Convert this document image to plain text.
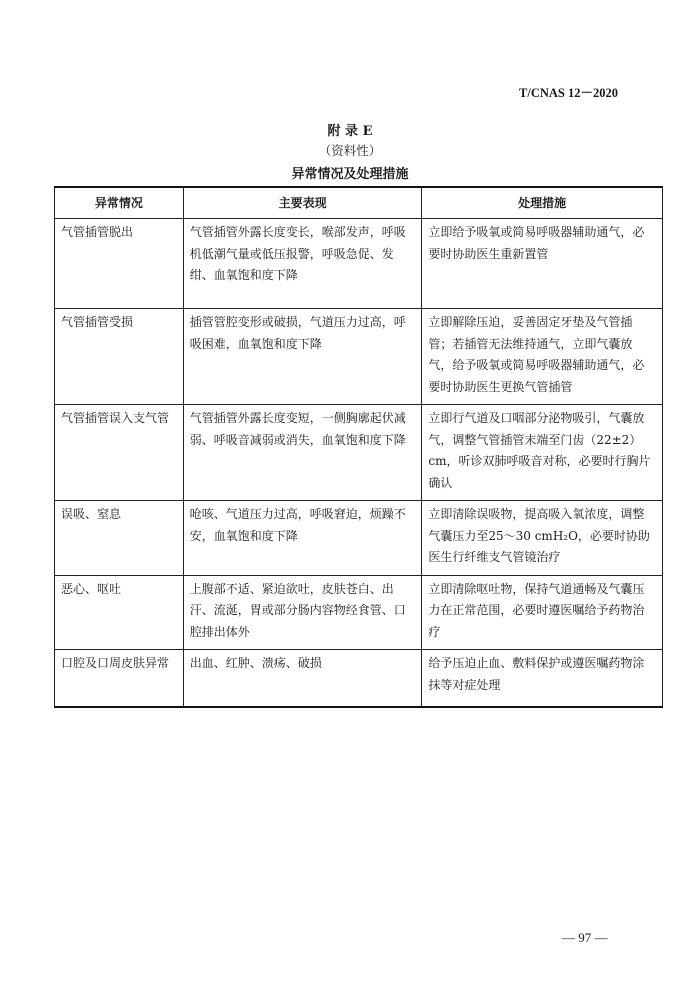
T/CNAS 12－2020
附 录 E
（资料性）
异常情况及处理措施
异常情况	主要表现	处理措施
气管插管脱出	气管插管外露长度变长，喉部发声，呼吸机低潮气量或低压报警，呼吸急促、发绀、血氧饱和度下降	立即给予吸氧或简易呼吸器辅助通气，必要时协助医生重新置管
气管插管受损	插管管腔变形或破损，气道压力过高，呼吸困难，血氧饱和度下降	立即解除压迫，妥善固定牙垫及气管插管；若插管无法维持通气，立即气囊放气，给予吸氧或简易呼吸器辅助通气，必要时协助医生更换气管插管
气管插管误入支气管	气管插管外露长度变短，一侧胸廓起伏减弱、呼吸音减弱或消失，血氧饱和度下降	立即行气道及口咽部分泌物吸引，气囊放气，调整气管插管末端至门齿（22±2）cm，听诊双肺呼吸音对称，必要时行胸片确认
误吸、窒息	呛咳、气道压力过高，呼吸窘迫，烦躁不安，血氧饱和度下降	立即清除误吸物，提高吸入氧浓度，调整气囊压力至25～30 cmH₂O，必要时协助医生行纤维支气管镜治疗
恶心、呕吐	上腹部不适、紧迫欲吐，皮肤苍白、出汗、流涎，胃或部分肠内容物经食管、口腔排出体外	立即清除呕吐物，保持气道通畅及气囊压力在正常范围，必要时遵医嘱给予药物治疗
口腔及口周皮肤异常	出血、红肿、溃疡、破损	给予压迫止血、敷料保护或遵医嘱药物涂抹等对症处理
— 97 —
